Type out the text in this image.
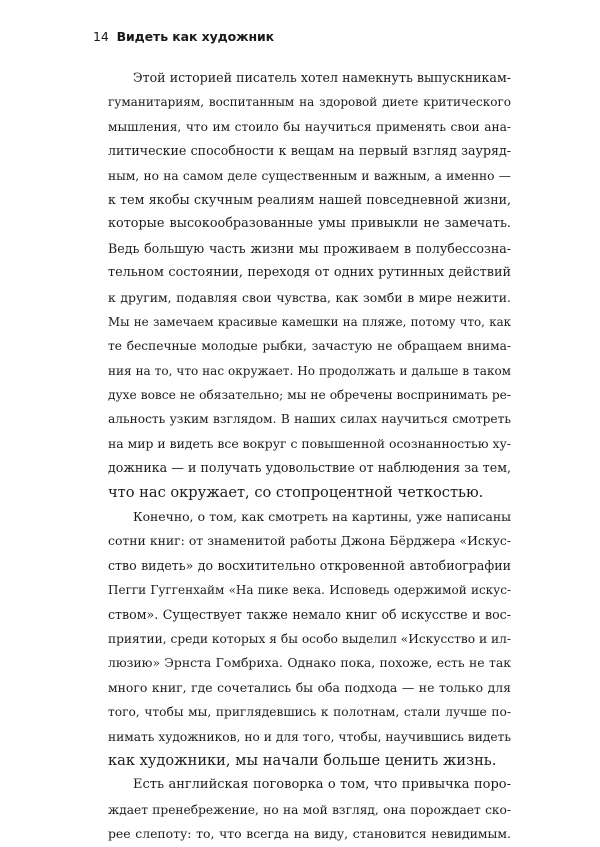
14 Видеть как художник
Этой историей писатель хотел намекнуть выпускникам-
гуманитариям, воспитанным на здоровой диете критического
мышления, что им стоило бы научиться применять свои ана-
литические способности к вещам на первый взгляд зауряд-
ным, но на самом деле существенным и важным, а именно —
к тем якобы скучным реалиям нашей повседневной жизни,
которые высокообразованные умы привыкли не замечать.
Ведь большую часть жизни мы проживаем в полубессозна-
тельном состоянии, переходя от одних рутинных действий
к другим, подавляя свои чувства, как зомби в мире нежити.
Мы не замечаем красивые камешки на пляже, потому что, как
те беспечные молодые рыбки, зачастую не обращаем внима-
ния на то, что нас окружает. Но продолжать и дальше в таком
духе вовсе не обязательно; мы не обречены воспринимать ре-
альность узким взглядом. В наших силах научиться смотреть
на мир и видеть все вокруг с повышенной осознанностью ху-
дожника — и получать удовольствие от наблюдения за тем,
что нас окружает, со стопроцентной четкостью.
Конечно, о том, как смотреть на картины, уже написаны
сотни книг: от знаменитой работы Джона Бёрджера «Искус-
ство видеть» до восхитительно откровенной автобиографии
Пегги Гуггенхайм «На пике века. Исповедь одержимой искус-
ством». Существует также немало книг об искусстве и вос-
приятии, среди которых я бы особо выделил «Искусство и ил-
люзию» Эрнста Гомбриха. Однако пока, похоже, есть не так
много книг, где сочетались бы оба подхода — не только для
того, чтобы мы, приглядевшись к полотнам, стали лучше по-
нимать художников, но и для того, чтобы, научившись видеть
как художники, мы начали больше ценить жизнь.
Есть английская поговорка о том, что привычка поро-
ждает пренебрежение, но на мой взгляд, она порождает ско-
рее слепоту: то, что всегда на виду, становится невидимым.
